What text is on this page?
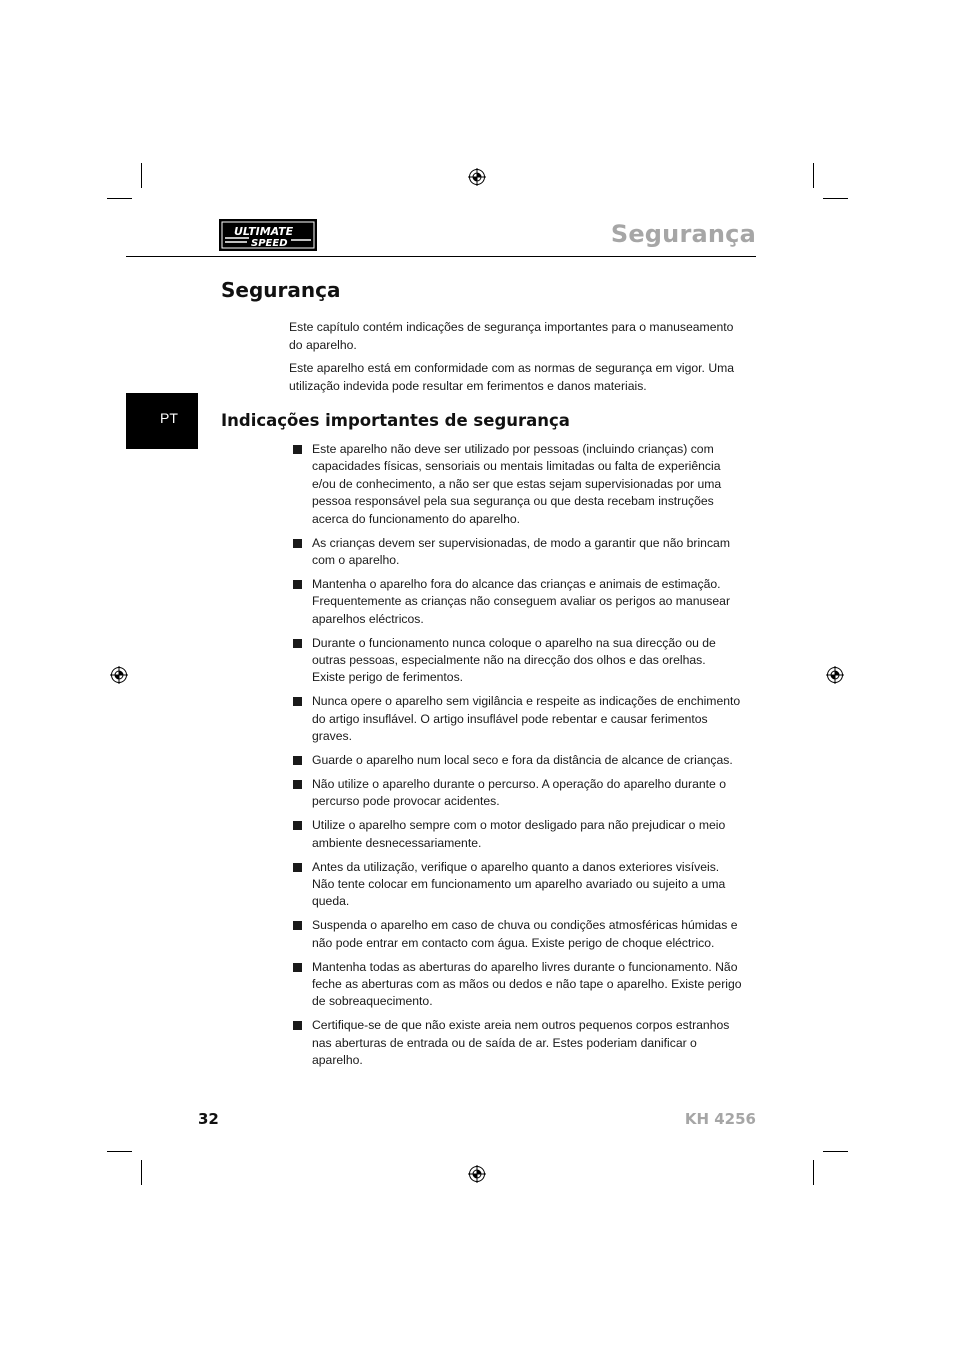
ULTIMATE
SPEED	Segurança
Segurança

Este capítulo contém indicações de segurança importantes para o manuseamento do aparelho.

Este aparelho está em conformidade com as normas de segurança em vigor. Uma utilização indevida pode resultar em ferimentos e danos materiais.

PT	Indicações importantes de segurança
Este aparelho não deve ser utilizado por pessoas (incluindo crianças) com capacidades físicas, sensoriais ou mentais limitadas ou falta de experiência e/ou de conhecimento, a não ser que estas sejam supervisionadas por uma pessoa responsável pela sua segurança ou que desta recebam instruções acerca do funcionamento do aparelho.
As crianças devem ser supervisionadas, de modo a garantir que não brincam com o aparelho.
Mantenha o aparelho fora do alcance das crianças e animais de estimação. Frequentemente as crianças não conseguem avaliar os perigos ao manusear aparelhos eléctricos.
Durante o funcionamento nunca coloque o aparelho na sua direcção ou de outras pessoas, especialmente não na direcção dos olhos e das orelhas. Existe perigo de ferimentos.
Nunca opere o aparelho sem vigilância e respeite as indicações de enchimento do artigo insuflável. O artigo insuflável pode rebentar e causar ferimentos graves.
Guarde o aparelho num local seco e fora da distância de alcance de crianças.
Não utilize o aparelho durante o percurso. A operação do aparelho durante o percurso pode provocar acidentes.
Utilize o aparelho sempre com o motor desligado para não prejudicar o meio ambiente desnecessariamente.
Antes da utilização, verifique o aparelho quanto a danos exteriores visíveis. Não tente colocar em funcionamento um aparelho avariado ou sujeito a uma queda.
Suspenda o aparelho em caso de chuva ou condições atmosféricas húmidas e não pode entrar em contacto com água. Existe perigo de choque eléctrico.
Mantenha todas as aberturas do aparelho livres durante o funcionamento. Não feche as aberturas com as mãos ou dedos e não tape o aparelho. Existe perigo de sobreaquecimento.
Certifique-se de que não existe areia nem outros pequenos corpos estranhos nas aberturas de entrada ou de saída de ar. Estes poderiam danificar o aparelho.
32	KH 4256
